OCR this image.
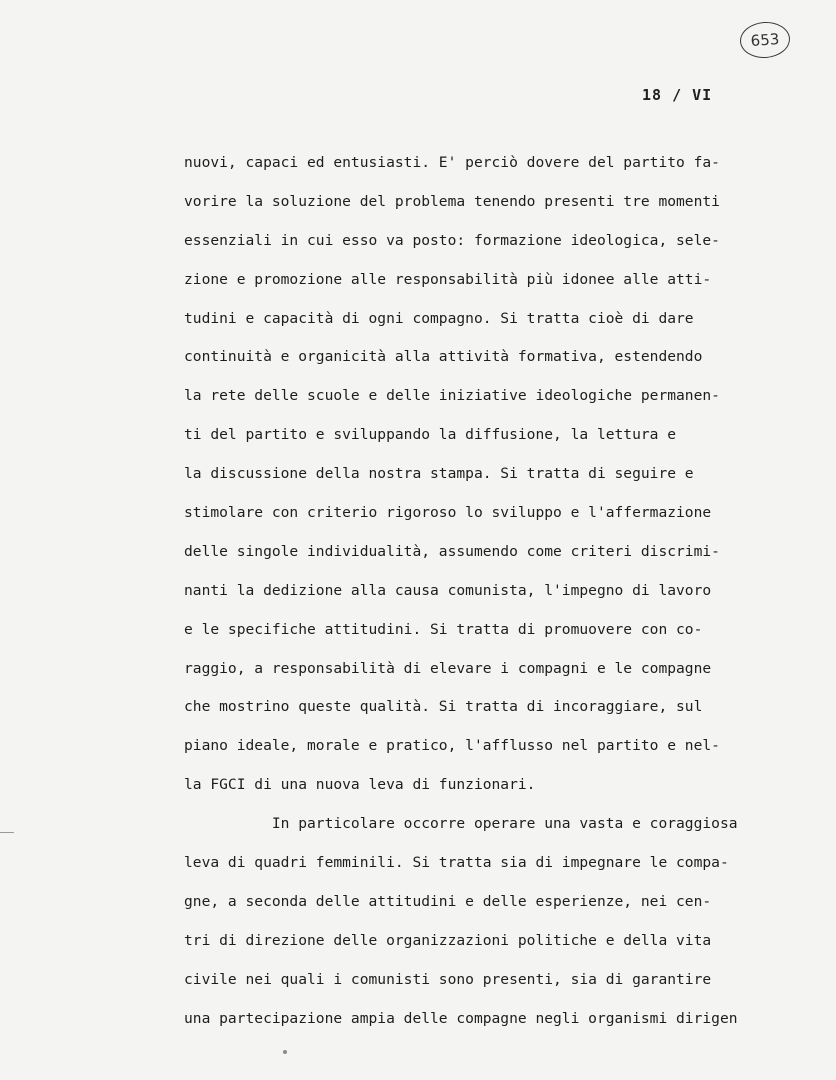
653
18 / VI
nuovi, capaci ed entusiasti. E' perciò dovere del partito fa-
vorire la soluzione del problema tenendo presenti tre momenti
essenziali in cui esso va posto: formazione ideologica, sele-
zione e promozione alle responsabilità più idonee alle atti-
tudini e capacità di ogni compagno. Si tratta cioè di dare
continuità e organicità alla attività formativa, estendendo
la rete delle scuole e delle iniziative ideologiche permanen-
ti del partito e sviluppando la diffusione, la lettura e
la discussione della nostra stampa. Si tratta di seguire e
stimolare con criterio rigoroso lo sviluppo e l'affermazione
delle singole individualità, assumendo come criteri discrimi-
nanti la dedizione alla causa comunista, l'impegno di lavoro
e le specifiche attitudini. Si tratta di promuovere con co-
raggio, a responsabilità di elevare i compagni e le compagne
che mostrino queste qualità. Si tratta di incoraggiare, sul
piano ideale, morale e pratico, l'afflusso nel partito e nel-
la FGCI di una nuova leva di funzionari.
In particolare occorre operare una vasta e coraggiosa
leva di quadri femminili. Si tratta sia di impegnare le compa-
gne, a seconda delle attitudini e delle esperienze, nei cen-
tri di direzione delle organizzazioni politiche e della vita
civile nei quali i comunisti sono presenti, sia di garantire
una partecipazione ampia delle compagne negli organismi dirigen
